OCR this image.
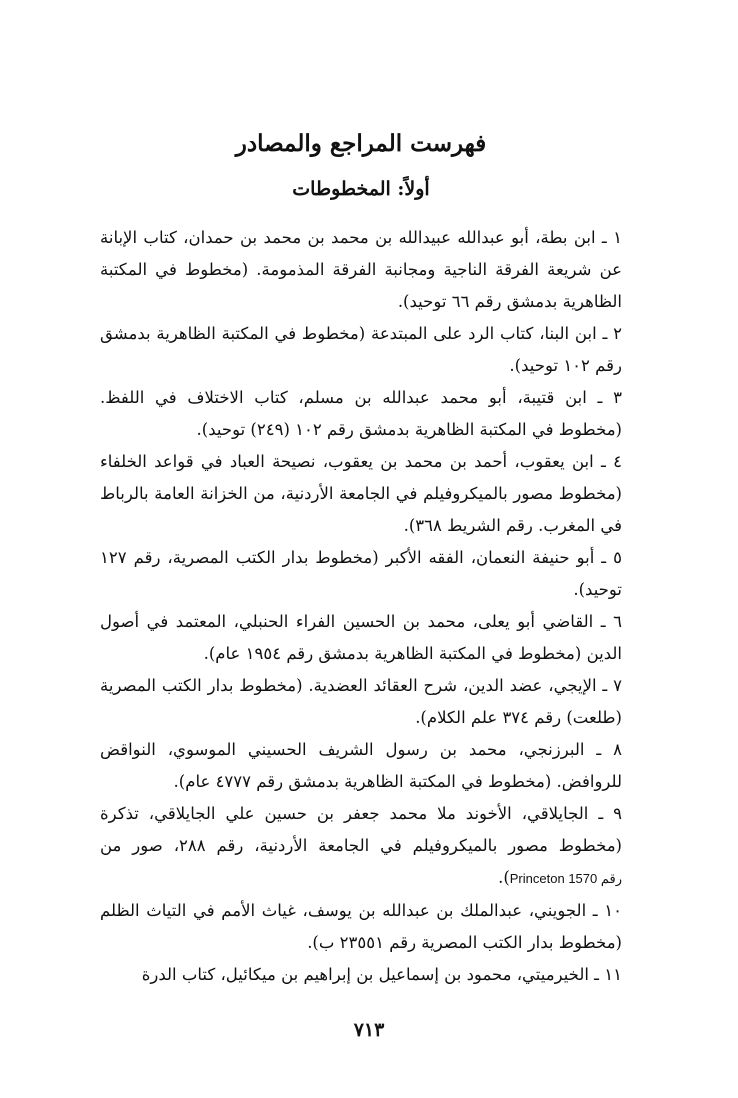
فهرست المراجع والمصادر
أولاً: المخطوطات
١ ـ ابن بطة، أبو عبدالله عبيدالله بن محمد بن محمد بن حمدان، كتاب الإبانة عن شريعة الفرقة الناجية ومجانبة الفرقة المذمومة. (مخطوط في المكتبة الظاهرية بدمشق رقم ٦٦ توحيد).
٢ ـ ابن البنا، كتاب الرد على المبتدعة (مخطوط في المكتبة الظاهرية بدمشق رقم ١٠٢ توحيد).
٣ ـ ابن قتيبة، أبو محمد عبدالله بن مسلم، كتاب الاختلاف في اللفظ. (مخطوط في المكتبة الظاهرية بدمشق رقم ١٠٢ (٢٤٩) توحيد).
٤ ـ ابن يعقوب، أحمد بن محمد بن يعقوب، نصيحة العباد في قواعد الخلفاء (مخطوط مصور بالميكروفيلم في الجامعة الأردنية، من الخزانة العامة بالرباط في المغرب. رقم الشريط ٣٦٨).
٥ ـ أبو حنيفة النعمان، الفقه الأكبر (مخطوط بدار الكتب المصرية، رقم ١٢٧ توحيد).
٦ ـ القاضي أبو يعلى، محمد بن الحسين الفراء الحنبلي، المعتمد في أصول الدين (مخطوط في المكتبة الظاهرية بدمشق رقم ١٩٥٤ عام).
٧ ـ الإيجي، عضد الدين، شرح العقائد العضدية. (مخطوط بدار الكتب المصرية (طلعت) رقم ٣٧٤ علم الكلام).
٨ ـ البرزنجي، محمد بن رسول الشريف الحسيني الموسوي، النواقض للروافض. (مخطوط في المكتبة الظاهرية بدمشق رقم ٤٧٧٧ عام).
٩ ـ الجايلاقي، الأخوند ملا محمد جعفر بن حسين علي الجايلاقي، تذكرة (مخطوط مصور بالميكروفيلم في الجامعة الأردنية، رقم ٢٨٨، صور من Princeton رقم 1570).
١٠ ـ الجويني، عبدالملك بن عبدالله بن يوسف، غياث الأمم في التياث الظلم (مخطوط بدار الكتب المصرية رقم ٢٣٥٥١ ب).
١١ ـ الخيرميتي، محمود بن إسماعيل بن إبراهيم بن ميكائيل، كتاب الدرة
٧١٣
